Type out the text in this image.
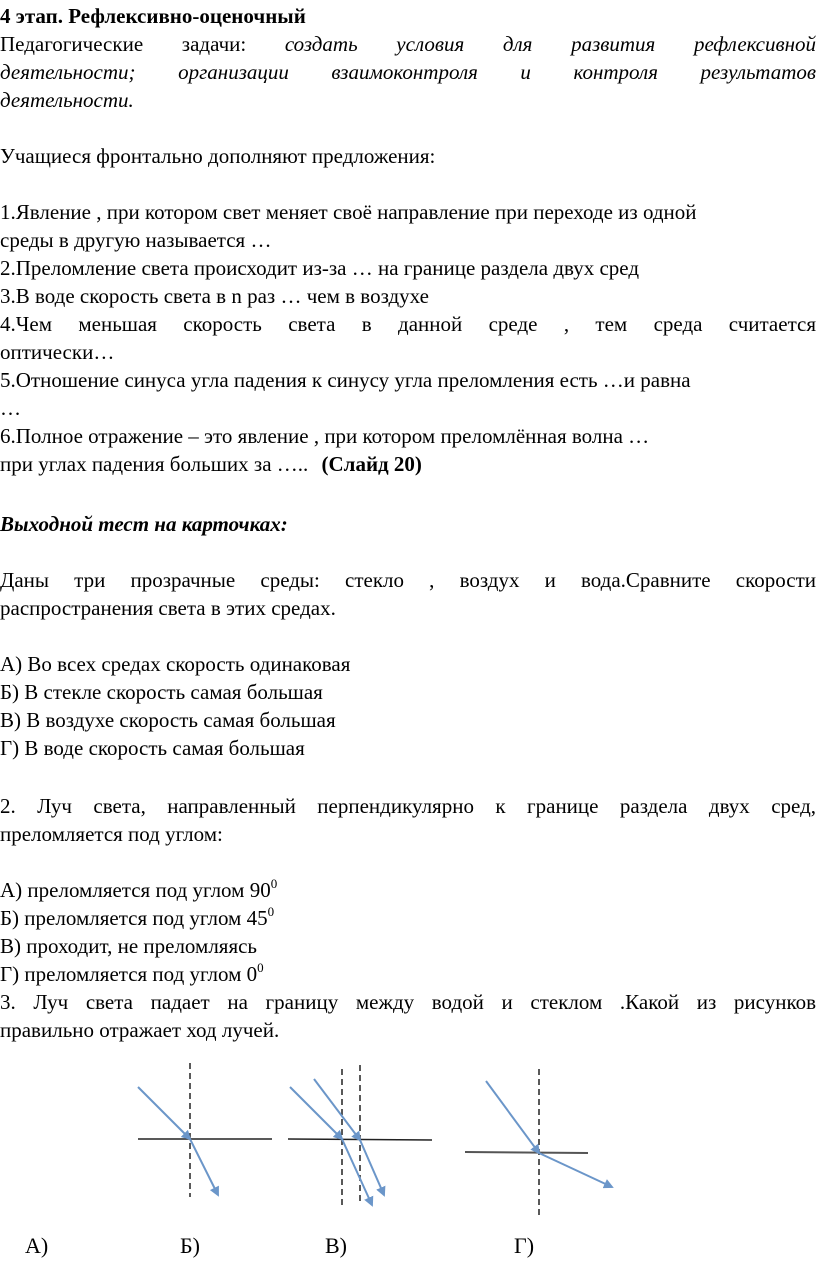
4 этап. Рефлексивно-оценочный
Педагогические задачи: создать условия для развития рефлексивной
деятельности; организации взаимоконтроля и контроля результатов
деятельности.
Учащиеся фронтально дополняют предложения:
1.Явление , при котором свет меняет своё направление при переходе из одной
среды в другую называется …
2.Преломление света происходит из-за … на границе раздела двух сред
3.В воде скорость света в n раз … чем в воздухе
4.Чем меньшая скорость света в данной среде , тем среда считается
оптически…
5.Отношение синуса угла падения к синусу угла преломления есть …и равна
…
6.Полное отражение – это явление , при котором преломлённая волна …
при углах падения больших за ….. (Слайд 20)
Выходной тест на карточках:
Даны три прозрачные среды: стекло , воздух и вода.Сравните скорости
распространения света в этих средах.
А) Во всех средах скорость одинаковая
Б) В стекле скорость самая большая
В) В воздухе скорость самая большая
Г) В воде скорость самая большая
2. Луч света, направленный перпендикулярно к границе раздела двух сред,
преломляется под углом:
А) преломляется под углом $90^0$
Б) преломляется под углом $45^0$
В) проходит, не преломляясь
Г) преломляется под углом $0^0$
3. Луч света падает на границу между водой и стеклом .Какой из рисунков
правильно отражает ход лучей.
А)	Б)	В)	Г)
